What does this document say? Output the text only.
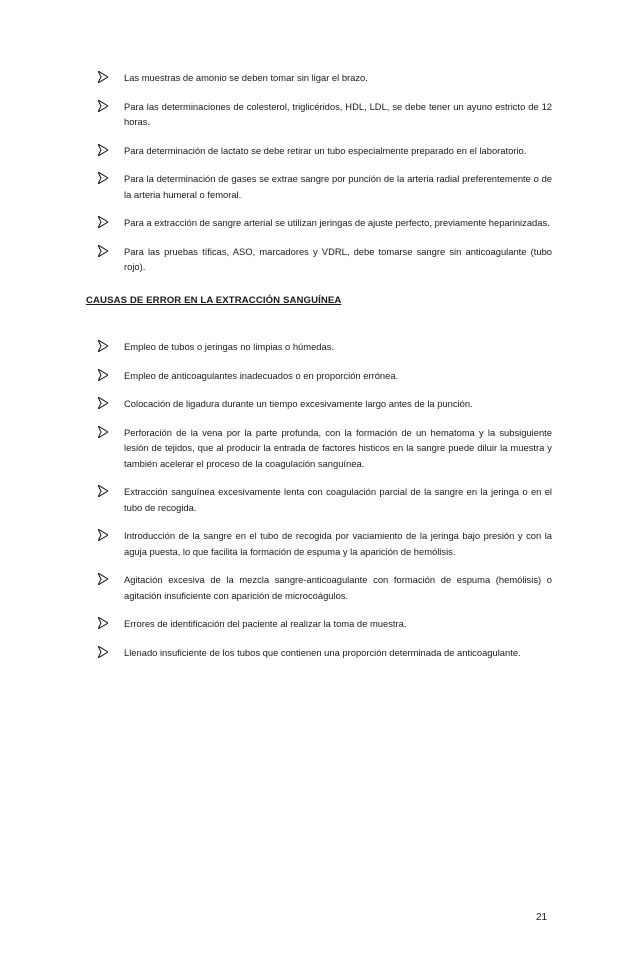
Las muestras de amonio se deben tomar sin ligar el brazo.
Para las determinaciones de colesterol, triglicéridos, HDL, LDL, se debe tener un ayuno estricto de 12 horas.
Para determinación de lactato se debe retirar un tubo especialmente preparado en el laboratorio.
Para la determinación de gases se extrae sangre por punción de la arteria radial preferentemente o de la arteria humeral o femoral.
Para a extracción de sangre arterial se utilizan jeringas de ajuste perfecto, previamente heparinizadas.
Para las pruebas tíficas, ASO, marcadores y VDRL, debe tomarse sangre sin anticoagulante (tubo rojo).
CAUSAS DE ERROR EN LA EXTRACCIÓN SANGUÍNEA
Empleo de tubos o jeringas no limpias o húmedas.
Empleo de anticoagulantes inadecuados o en proporción errónea.
Colocación de ligadura durante un tiempo excesivamente largo antes de la punción.
Perforación de la vena por la parte profunda, con la formación de un hematoma y la subsiguiente lesión de tejidos, que al producir la entrada de factores histicos en la sangre puede diluir la muestra y también acelerar el proceso de la coagulación sanguínea.
Extracción sanguínea excesivamente lenta con coagulación parcial de la sangre en la jeringa o en el tubo de recogida.
Introducción de la sangre en el tubo de recogida por vaciamiento de la jeringa bajo presión y con la aguja puesta, lo que facilita la formación de espuma y la aparición de hemólisis.
Agitación excesiva de la mezcla sangre-anticoagulante con formación de espuma (hemólisis) o agitación insuficiente con aparición de microcoágulos.
Errores de identificación del paciente al realizar la toma de muestra.
Llenado insuficiente de los tubos que contienen una proporción determinada de anticoagulante.
21
